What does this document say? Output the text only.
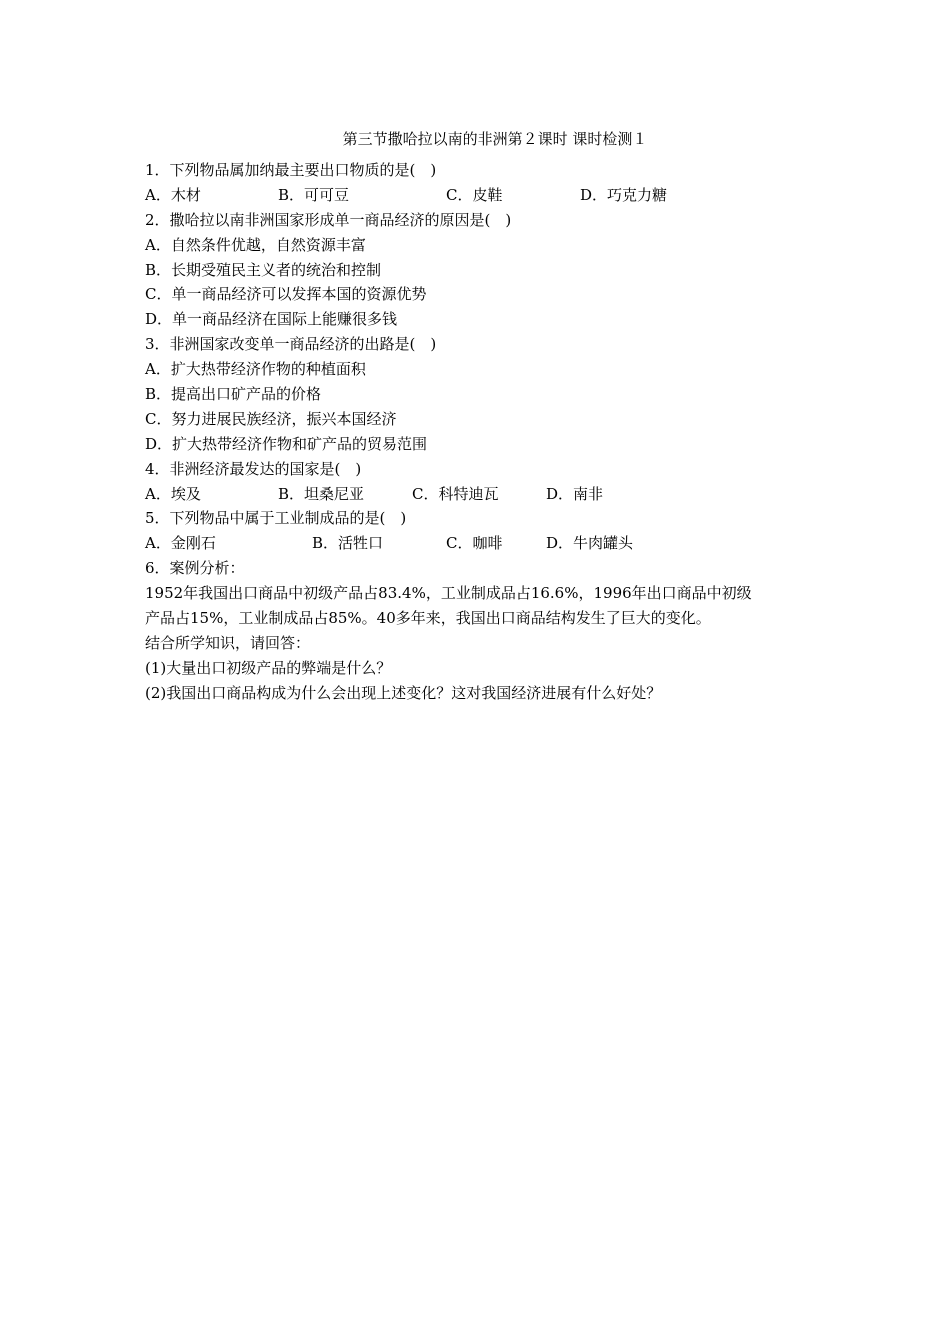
第三节撒哈拉以南的非洲第２课时 课时检测１
1．下列物品属加纳最主要出口物质的是(　)
A．木材	B．可可豆	C．皮鞋	D．巧克力糖
2．撒哈拉以南非洲国家形成单一商品经济的原因是(　)
A．自然条件优越，自然资源丰富
B．长期受殖民主义者的统治和控制
C．单一商品经济可以发挥本国的资源优势
D．单一商品经济在国际上能赚很多钱
3．非洲国家改变单一商品经济的出路是(　)
A．扩大热带经济作物的种植面积
B．提高出口矿产品的价格
C．努力进展民族经济，振兴本国经济
D．扩大热带经济作物和矿产品的贸易范围
4．非洲经济最发达的国家是(　)
A．埃及	B．坦桑尼亚	C．科特迪瓦	D．南非
5．下列物品中属于工业制成品的是(　)
A．金刚石	B．活牲口	C．咖啡	D．牛肉罐头
6．案例分析：
1952年我国出口商品中初级产品占83.4%，工业制成品占16.6%，1996年出口商品中初级
产品占15%，工业制成品占85%。40多年来，我国出口商品结构发生了巨大的变化。
结合所学知识，请回答：
(1)大量出口初级产品的弊端是什么？
(2)我国出口商品构成为什么会出现上述变化？这对我国经济进展有什么好处？
